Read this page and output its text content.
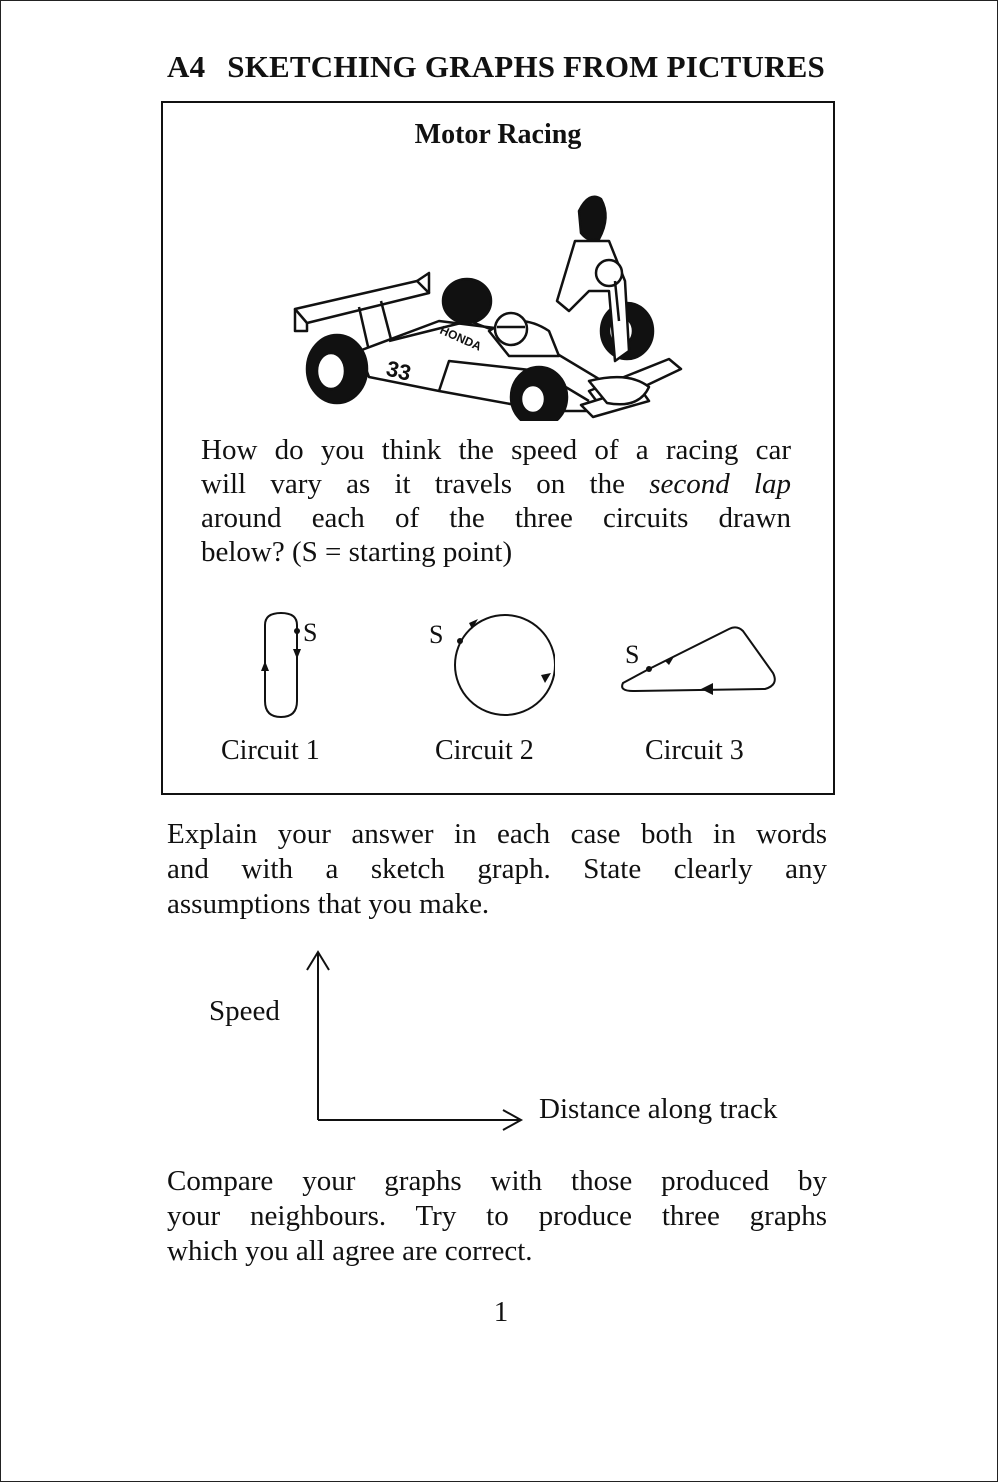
A4 SKETCHING GRAPHS FROM PICTURES
Motor Racing
33
HONDA
How do you think the speed of a racing car
will vary as it travels on the second lap
around each of the three circuits drawn
below? (S = starting point)
S	S
S
Circuit 1	Circuit 2	Circuit 3
Explain your answer in each case both in words
and with a sketch graph. State clearly any
assumptions that you make.
Speed
Distance along track
Compare your graphs with those produced by
your neighbours. Try to produce three graphs
which you all agree are correct.
1
